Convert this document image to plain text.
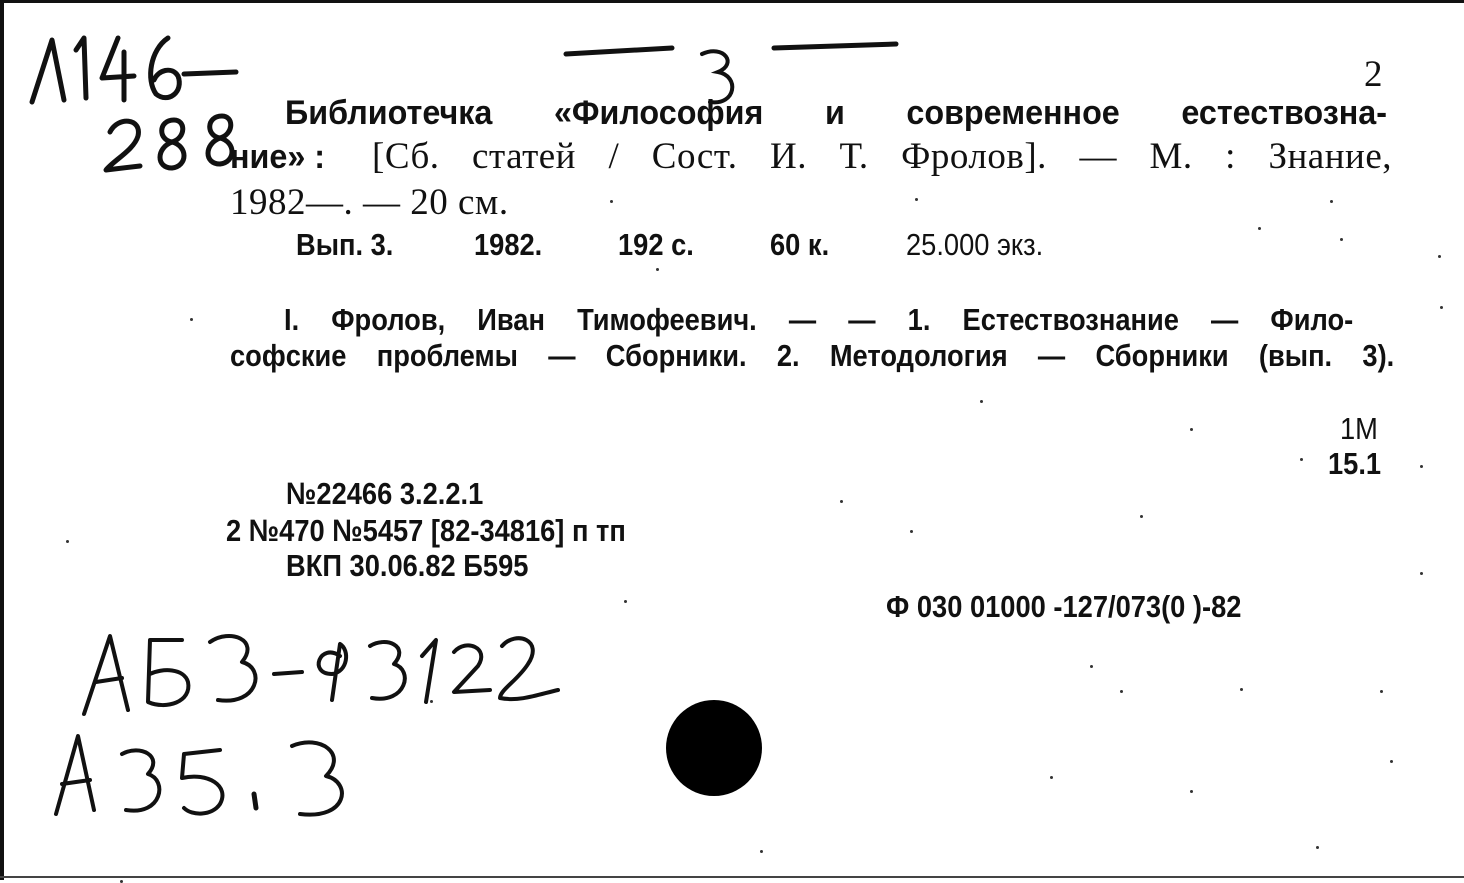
2
Библиотечка «Философия и современное естествозна-
ние» : [Сб. статей / Сост. И. Т. Фролов]. — М. : Знание,
1982—. — 20 см.
Вып. 3.	1982. 192 с. 60 к. 25.000 экз.
I. Фролов, Иван Тимофеевич. — — 1. Естествознание — Фило-
софские проблемы — Сборники. 2. Методология — Сборники (вып. 3).
1М
15.1
№22466 3.2.2.1
2 №470 №5457 [82-34816] п тп
ВКП 30.06.82 Б595
Ф 030 01000 -127/073(0 )-82
